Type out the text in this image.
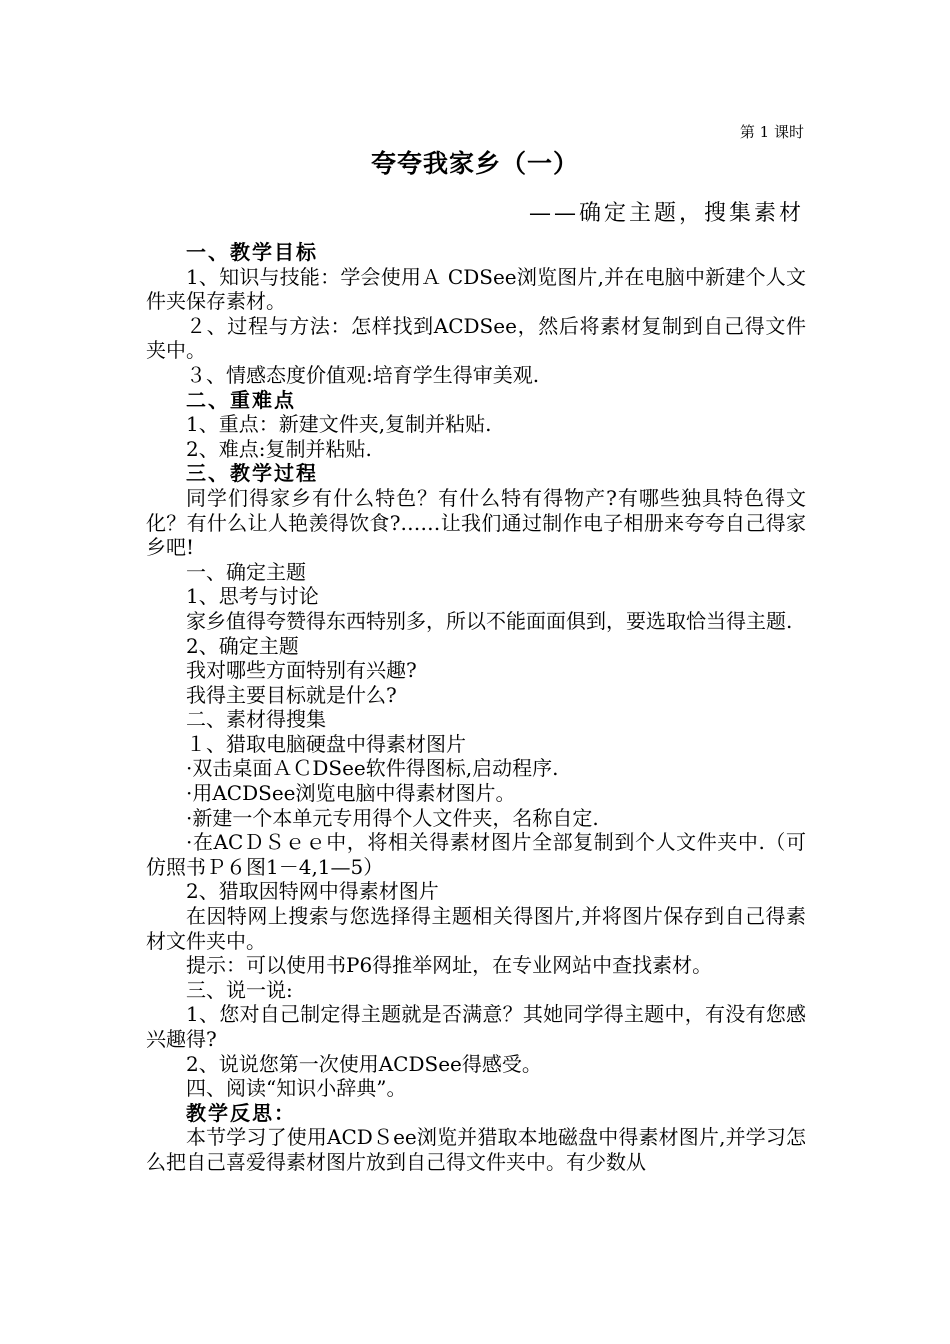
第 1 课时
夸夸我家乡（一）
——确定主题，搜集素材

一、教学目标

1、知识与技能：学会使用Ａ CDSee浏览图片,并在电脑中新建个人文件夹保存素材。

２、过程与方法：怎样找到ACDSee，然后将素材复制到自己得文件夹中。

３、情感态度价值观:培育学生得审美观.

二、重难点

1、重点：新建文件夹,复制并粘贴.

2、难点:复制并粘贴.

三、教学过程

同学们得家乡有什么特色？有什么特有得物产?有哪些独具特色得文化？有什么让人艳羡得饮食?……让我们通过制作电子相册来夸夸自己得家乡吧!

一、确定主题

1、思考与讨论

家乡值得夸赞得东西特别多，所以不能面面俱到，要选取恰当得主题.

2、确定主题

我对哪些方面特别有兴趣?

我得主要目标就是什么?

二、素材得搜集

１、猎取电脑硬盘中得素材图片

·双击桌面ＡＣDSee软件得图标,启动程序.

·用ACDSee浏览电脑中得素材图片。

·新建一个本单元专用得个人文件夹，名称自定.

·在ACＤＳｅｅ中，将相关得素材图片全部复制到个人文件夹中.（可仿照书Ｐ６图1－4,1—5）

2、猎取因特网中得素材图片

在因特网上搜索与您选择得主题相关得图片,并将图片保存到自己得素材文件夹中。

提示：可以使用书P6得推举网址，在专业网站中查找素材。

三、说一说:

1、您对自己制定得主题就是否满意？其她同学得主题中，有没有您感兴趣得?

2、说说您第一次使用ACDSee得感受。

四、阅读“知识小辞典”。

教学反思：

本节学习了使用ACDＳee浏览并猎取本地磁盘中得素材图片,并学习怎么把自己喜爱得素材图片放到自己得文件夹中。有少数从
